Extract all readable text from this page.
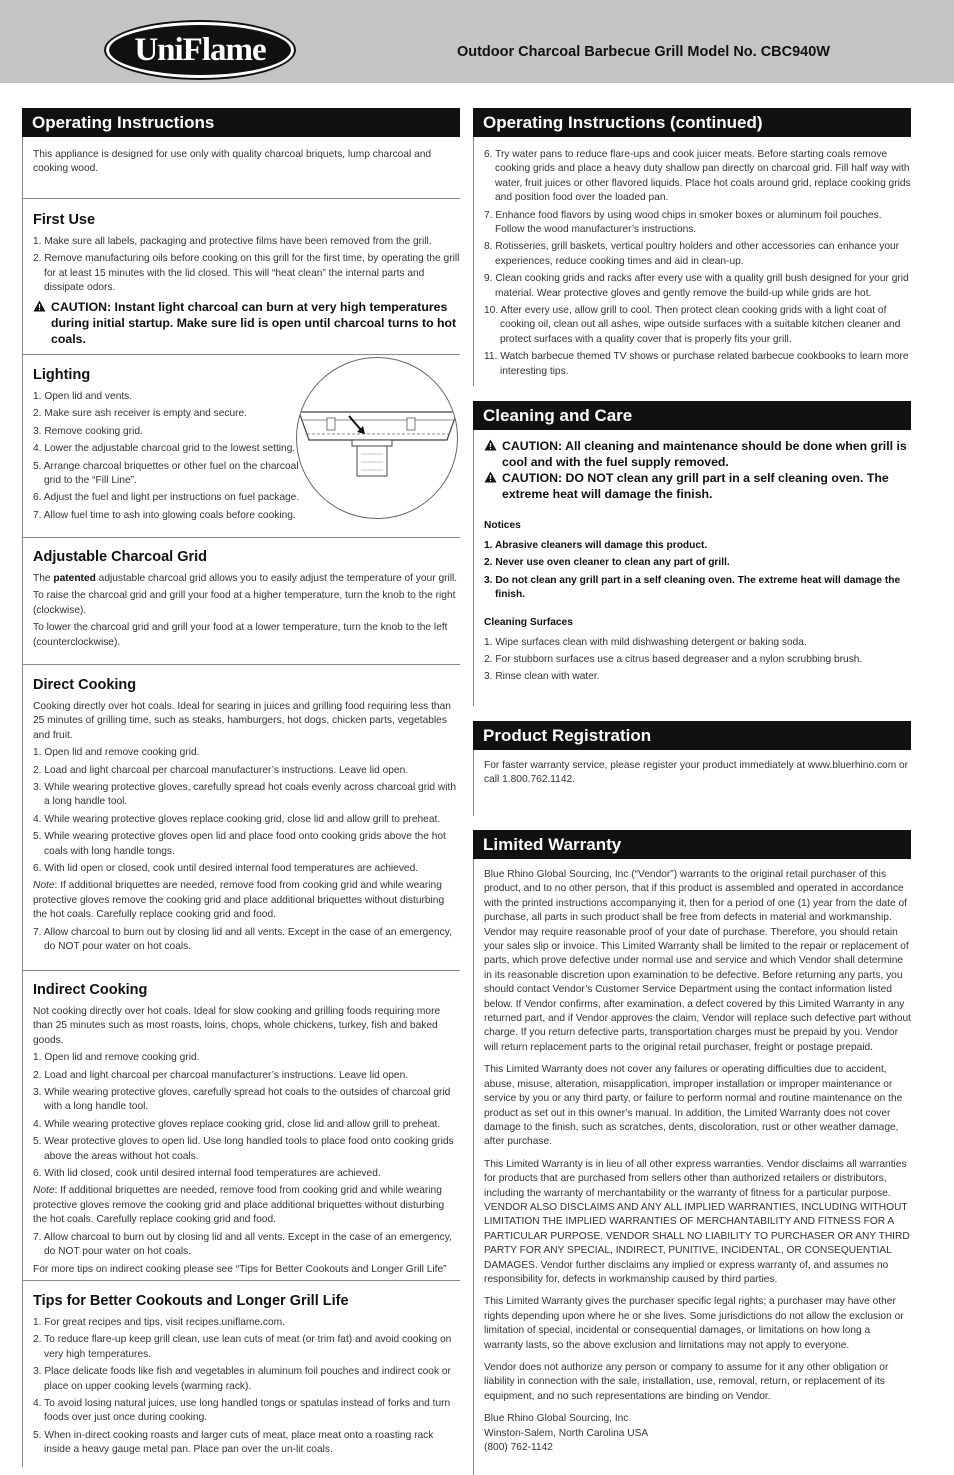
UniFlame	Outdoor Charcoal Barbecue Grill Model No. CBC940W
Operating Instructions

This appliance is designed for use only with quality charcoal briquets, lump charcoal and cooking wood.

First Use
1. Make sure all labels, packaging and protective films have been removed from the grill.
2. Remove manufacturing oils before cooking on this grill for the first time, by operating the grill for at least 15 minutes with the lid closed. This will “heat clean” the internal parts and dissipate odors.
CAUTION: Instant light charcoal can burn at very high temperatures during initial startup. Make sure lid is open until charcoal turns to hot coals.
Lighting
1. Open lid and vents.
2. Make sure ash receiver is empty and secure.
3. Remove cooking grid.
4. Lower the adjustable charcoal grid to the lowest setting.
5. Arrange charcoal briquettes or other fuel on the charcoal grid to the “Fill Line”.
6. Adjust the fuel and light per instructions on fuel package.
7. Allow fuel time to ash into glowing coals before cooking.
Adjustable Charcoal Grid

The patented adjustable charcoal grid allows you to easily adjust the temperature of your grill.

To raise the charcoal grid and grill your food at a higher temperature, turn the knob to the right (clockwise).

To lower the charcoal grid and grill your food at a lower temperature, turn the knob to the left (counterclockwise).

Direct Cooking

Cooking directly over hot coals. Ideal for searing in juices and grilling food requiring less than 25 minutes of grilling time, such as steaks, hamburgers, hot dogs, chicken parts, vegetables and fruit.

1. Open lid and remove cooking grid.
2. Load and light charcoal per charcoal manufacturer’s instructions. Leave lid open.
3. While wearing protective gloves, carefully spread hot coals evenly across charcoal grid with a long handle tool.
4. While wearing protective gloves replace cooking grid, close lid and allow grill to preheat.
5. While wearing protective gloves open lid and place food onto cooking grids above the hot coals with long handle tongs.
6. With lid open or closed, cook until desired internal food temperatures are achieved.

Note: If additional briquettes are needed, remove food from cooking grid and while wearing protective gloves remove the cooking grid and place additional briquettes without disturbing the hot coals. Carefully replace cooking grid and food.

7. Allow charcoal to burn out by closing lid and all vents. Except in the case of an emergency, do NOT pour water on hot coals.
Indirect Cooking

Not cooking directly over hot coals. Ideal for slow cooking and grilling foods requiring more than 25 minutes such as most roasts, loins, chops, whole chickens, turkey, fish and baked goods.

1. Open lid and remove cooking grid.
2. Load and light charcoal per charcoal manufacturer’s instructions. Leave lid open.
3. While wearing protective gloves, carefully spread hot coals to the outsides of charcoal grid with a long handle tool.
4. While wearing protective gloves replace cooking grid, close lid and allow grill to preheat.
5. Wear protective gloves to open lid. Use long handled tools to place food onto cooking grids above the areas without hot coals.
6. With lid closed, cook until desired internal food temperatures are achieved.

Note: If additional briquettes are needed, remove food from cooking grid and while wearing protective gloves remove the cooking grid and place additional briquettes without disturbing the hot coals. Carefully replace cooking grid and food.

7. Allow charcoal to burn out by closing lid and all vents. Except in the case of an emergency, do NOT pour water on hot coals.

For more tips on indirect cooking please see “Tips for Better Cookouts and Longer Grill Life”

Tips for Better Cookouts and Longer Grill Life
1. For great recipes and tips, visit recipes.uniflame.com.
2. To reduce flare-up keep grill clean, use lean cuts of meat (or trim fat) and avoid cooking on very high temperatures.
3. Place delicate foods like fish and vegetables in aluminum foil pouches and indirect cook or place on upper cooking levels (warming rack).
4. To avoid losing natural juices, use long handled tongs or spatulas instead of forks and turn foods over just once during cooking.
5. When in-direct cooking roasts and larger cuts of meat, place meat onto a roasting rack inside a heavy gauge metal pan. Place pan over the un-lit coals.
Operating Instructions (continued)
6. Try water pans to reduce flare-ups and cook juicer meats. Before starting coals remove cooking grids and place a heavy duty shallow pan directly on charcoal grid. Fill half way with water, fruit juices or other flavored liquids. Place hot coals around grid, replace cooking grids and position food over the loaded pan.
7. Enhance food flavors by using wood chips in smoker boxes or aluminum foil pouches. Follow the wood manufacturer’s instructions.
8. Rotisseries, grill baskets, vertical poultry holders and other accessories can enhance your experiences, reduce cooking times and aid in clean-up.
9. Clean cooking grids and racks after every use with a quality grill bush designed for your grid material. Wear protective gloves and gently remove the build-up while grids are hot.
10. After every use, allow grill to cool. Then protect clean cooking grids with a light coat of cooking oil, clean out all ashes, wipe outside surfaces with a suitable kitchen cleaner and protect surfaces with a quality cover that is properly fits your grill.
11. Watch barbecue themed TV shows or purchase related barbecue cookbooks to learn more interesting tips.
Cleaning and Care
CAUTION: All cleaning and maintenance should be done when grill is cool and with the fuel supply removed.
CAUTION: DO NOT clean any grill part in a self cleaning oven. The extreme heat will damage the finish.
Notices
1. Abrasive cleaners will damage this product.
2. Never use oven cleaner to clean any part of grill.
3. Do not clean any grill part in a self cleaning oven. The extreme heat will damage the finish.
Cleaning Surfaces
1. Wipe surfaces clean with mild dishwashing detergent or baking soda.
2. For stubborn surfaces use a citrus based degreaser and a nylon scrubbing brush.
3. Rinse clean with water.
Product Registration

For faster warranty service, please register your product immediately at www.bluerhino.com or call 1.800.762.1142.

Limited Warranty

Blue Rhino Global Sourcing, Inc (“Vendor”) warrants to the original retail purchaser of this product, and to no other person, that if this product is assembled and operated in accordance with the printed instructions accompanying it, then for a period of one (1) year from the date of purchase, all parts in such product shall be free from defects in material and workmanship. Vendor may require reasonable proof of your date of purchase. Therefore, you should retain your sales slip or invoice. This Limited Warranty shall be limited to the repair or replacement of parts, which prove defective under normal use and service and which Vendor shall determine in its reasonable discretion upon examination to be defective. Before returning any parts, you should contact Vendor’s Customer Service Department using the contact information listed below. If Vendor confirms, after examination, a defect covered by this Limited Warranty in any returned part, and if Vendor approves the claim, Vendor will replace such defective part without charge. If you return defective parts, transportation charges must be prepaid by you. Vendor will return replacement parts to the original retail purchaser, freight or postage prepaid.

This Limited Warranty does not cover any failures or operating difficulties due to accident, abuse, misuse, alteration, misapplication, improper installation or improper maintenance or service by you or any third party, or failure to perform normal and routine maintenance on the product as set out in this owner’s manual. In addition, the Limited Warranty does not cover damage to the finish, such as scratches, dents, discoloration, rust or other weather damage, after purchase.

This Limited Warranty is in lieu of all other express warranties. Vendor disclaims all warranties for products that are purchased from sellers other than authorized retailers or distributors, including the warranty of merchantability or the warranty of fitness for a particular purpose. VENDOR ALSO DISCLAIMS AND ANY ALL IMPLIED WARRANTIES, INCLUDING WITHOUT LIMITATION THE IMPLIED WARRANTIES OF MERCHANTABILITY AND FITNESS FOR A PARTICULAR PURPOSE. VENDOR SHALL NO LIABILITY TO PURCHASER OR ANY THIRD PARTY FOR ANY SPECIAL, INDIRECT, PUNITIVE, INCIDENTAL, OR CONSEQUENTIAL DAMAGES. Vendor further disclaims any implied or express warranty of, and assumes no responsibility for, defects in workmanship caused by third parties.

This Limited Warranty gives the purchaser specific legal rights; a purchaser may have other rights depending upon where he or she lives. Some jurisdictions do not allow the exclusion or limitation of special, incidental or consequential damages, or limitations on how long a warranty lasts, so the above exclusion and limitations may not apply to everyone.

Vendor does not authorize any person or company to assume for it any other obligation or liability in connection with the sale, installation, use, removal, return, or replacement of its equipment, and no such representations are binding on Vendor.

Blue Rhino Global Sourcing, Inc

Winston-Salem, North Carolina USA

(800) 762-1142
